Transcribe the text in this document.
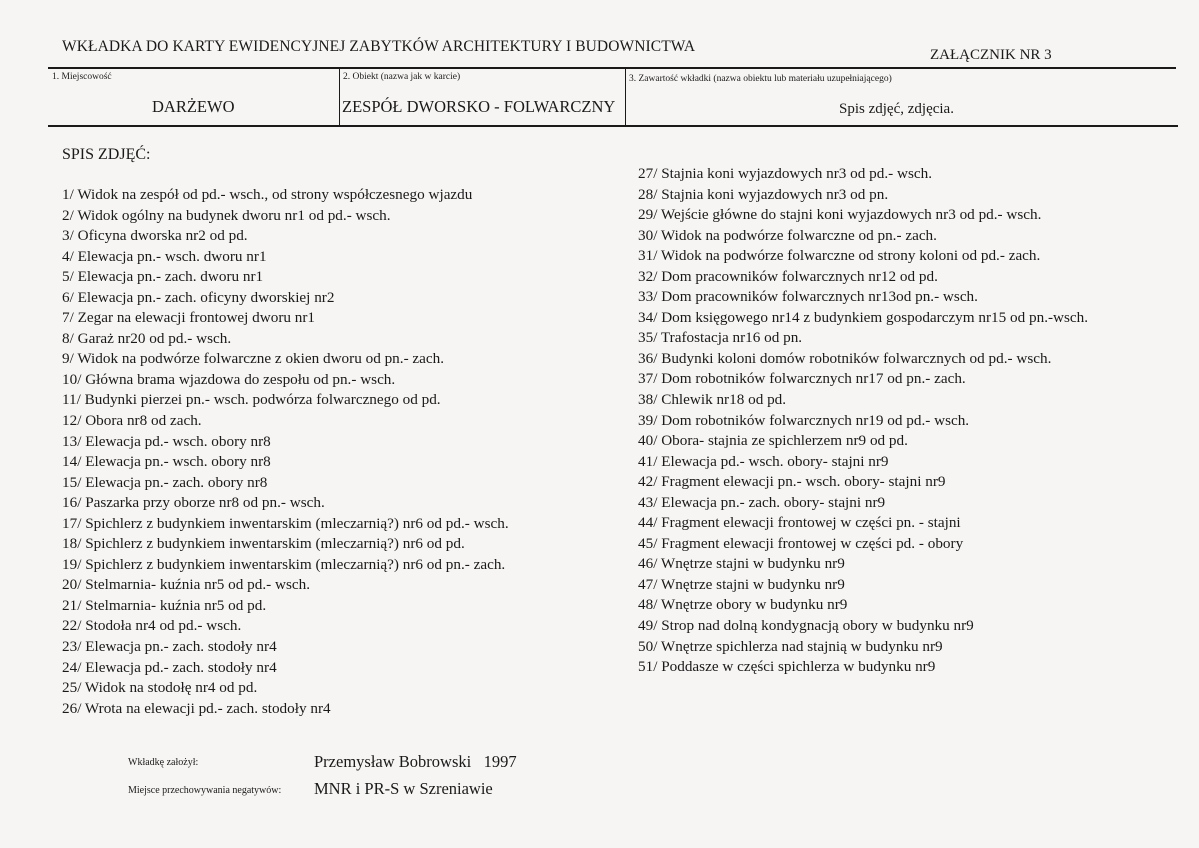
WKŁADKA DO KARTY EWIDENCYJNEJ ZABYTKÓW ARCHITEKTURY I BUDOWNICTWA	ZAŁĄCZNIK NR 3
1. Miejscowość
DARŻEWO
2. Obiekt (nazwa jak w karcie)
ZESPÓŁ DWORSKO - FOLWARCZNY
3. Zawartość wkładki (nazwa obiektu lub materiału uzupełniającego)
Spis zdjęć, zdjęcia.
SPIS ZDJĘĆ:
1/ Widok na zespół od pd.- wsch., od strony współczesnego wjazdu
2/ Widok ogólny na budynek dworu nr1 od pd.- wsch.
3/ Oficyna dworska nr2 od pd.
4/ Elewacja pn.- wsch. dworu nr1
5/ Elewacja pn.- zach. dworu nr1
6/ Elewacja pn.- zach. oficyny dworskiej nr2
7/ Zegar na elewacji frontowej dworu nr1
8/ Garaż nr20 od pd.- wsch.
9/ Widok na podwórze folwarczne z okien dworu od pn.- zach.
10/ Główna brama wjazdowa do zespołu od pn.- wsch.
11/ Budynki pierzei pn.- wsch. podwórza folwarcznego od pd.
12/ Obora nr8 od zach.
13/ Elewacja pd.- wsch. obory nr8
14/ Elewacja pn.- wsch. obory nr8
15/ Elewacja pn.- zach. obory nr8
16/ Paszarka przy oborze nr8 od pn.- wsch.
17/ Spichlerz z budynkiem inwentarskim (mleczarnią?) nr6 od pd.- wsch.
18/ Spichlerz z budynkiem inwentarskim (mleczarnią?) nr6 od pd.
19/ Spichlerz z budynkiem inwentarskim (mleczarnią?) nr6 od pn.- zach.
20/ Stelmarnia- kuźnia nr5 od pd.- wsch.
21/ Stelmarnia- kuźnia nr5 od pd.
22/ Stodoła nr4 od pd.- wsch.
23/ Elewacja pn.- zach. stodoły nr4
24/ Elewacja pd.- zach. stodoły nr4
25/ Widok na stodołę nr4 od pd.
26/ Wrota na elewacji pd.- zach. stodoły nr4
27/ Stajnia koni wyjazdowych nr3 od pd.- wsch.
28/ Stajnia koni wyjazdowych nr3 od pn.
29/ Wejście główne do stajni koni wyjazdowych nr3 od pd.- wsch.
30/ Widok na podwórze folwarczne od pn.- zach.
31/ Widok na podwórze folwarczne od strony koloni od pd.- zach.
32/ Dom pracowników folwarcznych nr12 od pd.
33/ Dom pracowników folwarcznych nr13od pn.- wsch.
34/ Dom księgowego nr14 z budynkiem gospodarczym nr15 od pn.-wsch.
35/ Trafostacja nr16 od pn.
36/ Budynki koloni domów robotników folwarcznych od pd.- wsch.
37/ Dom robotników folwarcznych nr17 od pn.- zach.
38/ Chlewik nr18 od pd.
39/ Dom robotników folwarcznych nr19 od pd.- wsch.
40/ Obora- stajnia ze spichlerzem nr9 od pd.
41/ Elewacja pd.- wsch. obory- stajni nr9
42/ Fragment elewacji pn.- wsch. obory- stajni nr9
43/ Elewacja pn.- zach. obory- stajni nr9
44/ Fragment elewacji frontowej w części pn. - stajni
45/ Fragment elewacji frontowej w części pd. - obory
46/ Wnętrze stajni w budynku nr9
47/ Wnętrze stajni w budynku nr9
48/ Wnętrze obory w budynku nr9
49/ Strop nad dolną kondygnacją obory w budynku nr9
50/ Wnętrze spichlerza nad stajnią w budynku nr9
51/ Poddasze w części spichlerza w budynku nr9
Wkładkę założył:	Przemysław Bobrowski   1997
Miejsce przechowywania negatywów: MNR i PR-S w Szreniawie
